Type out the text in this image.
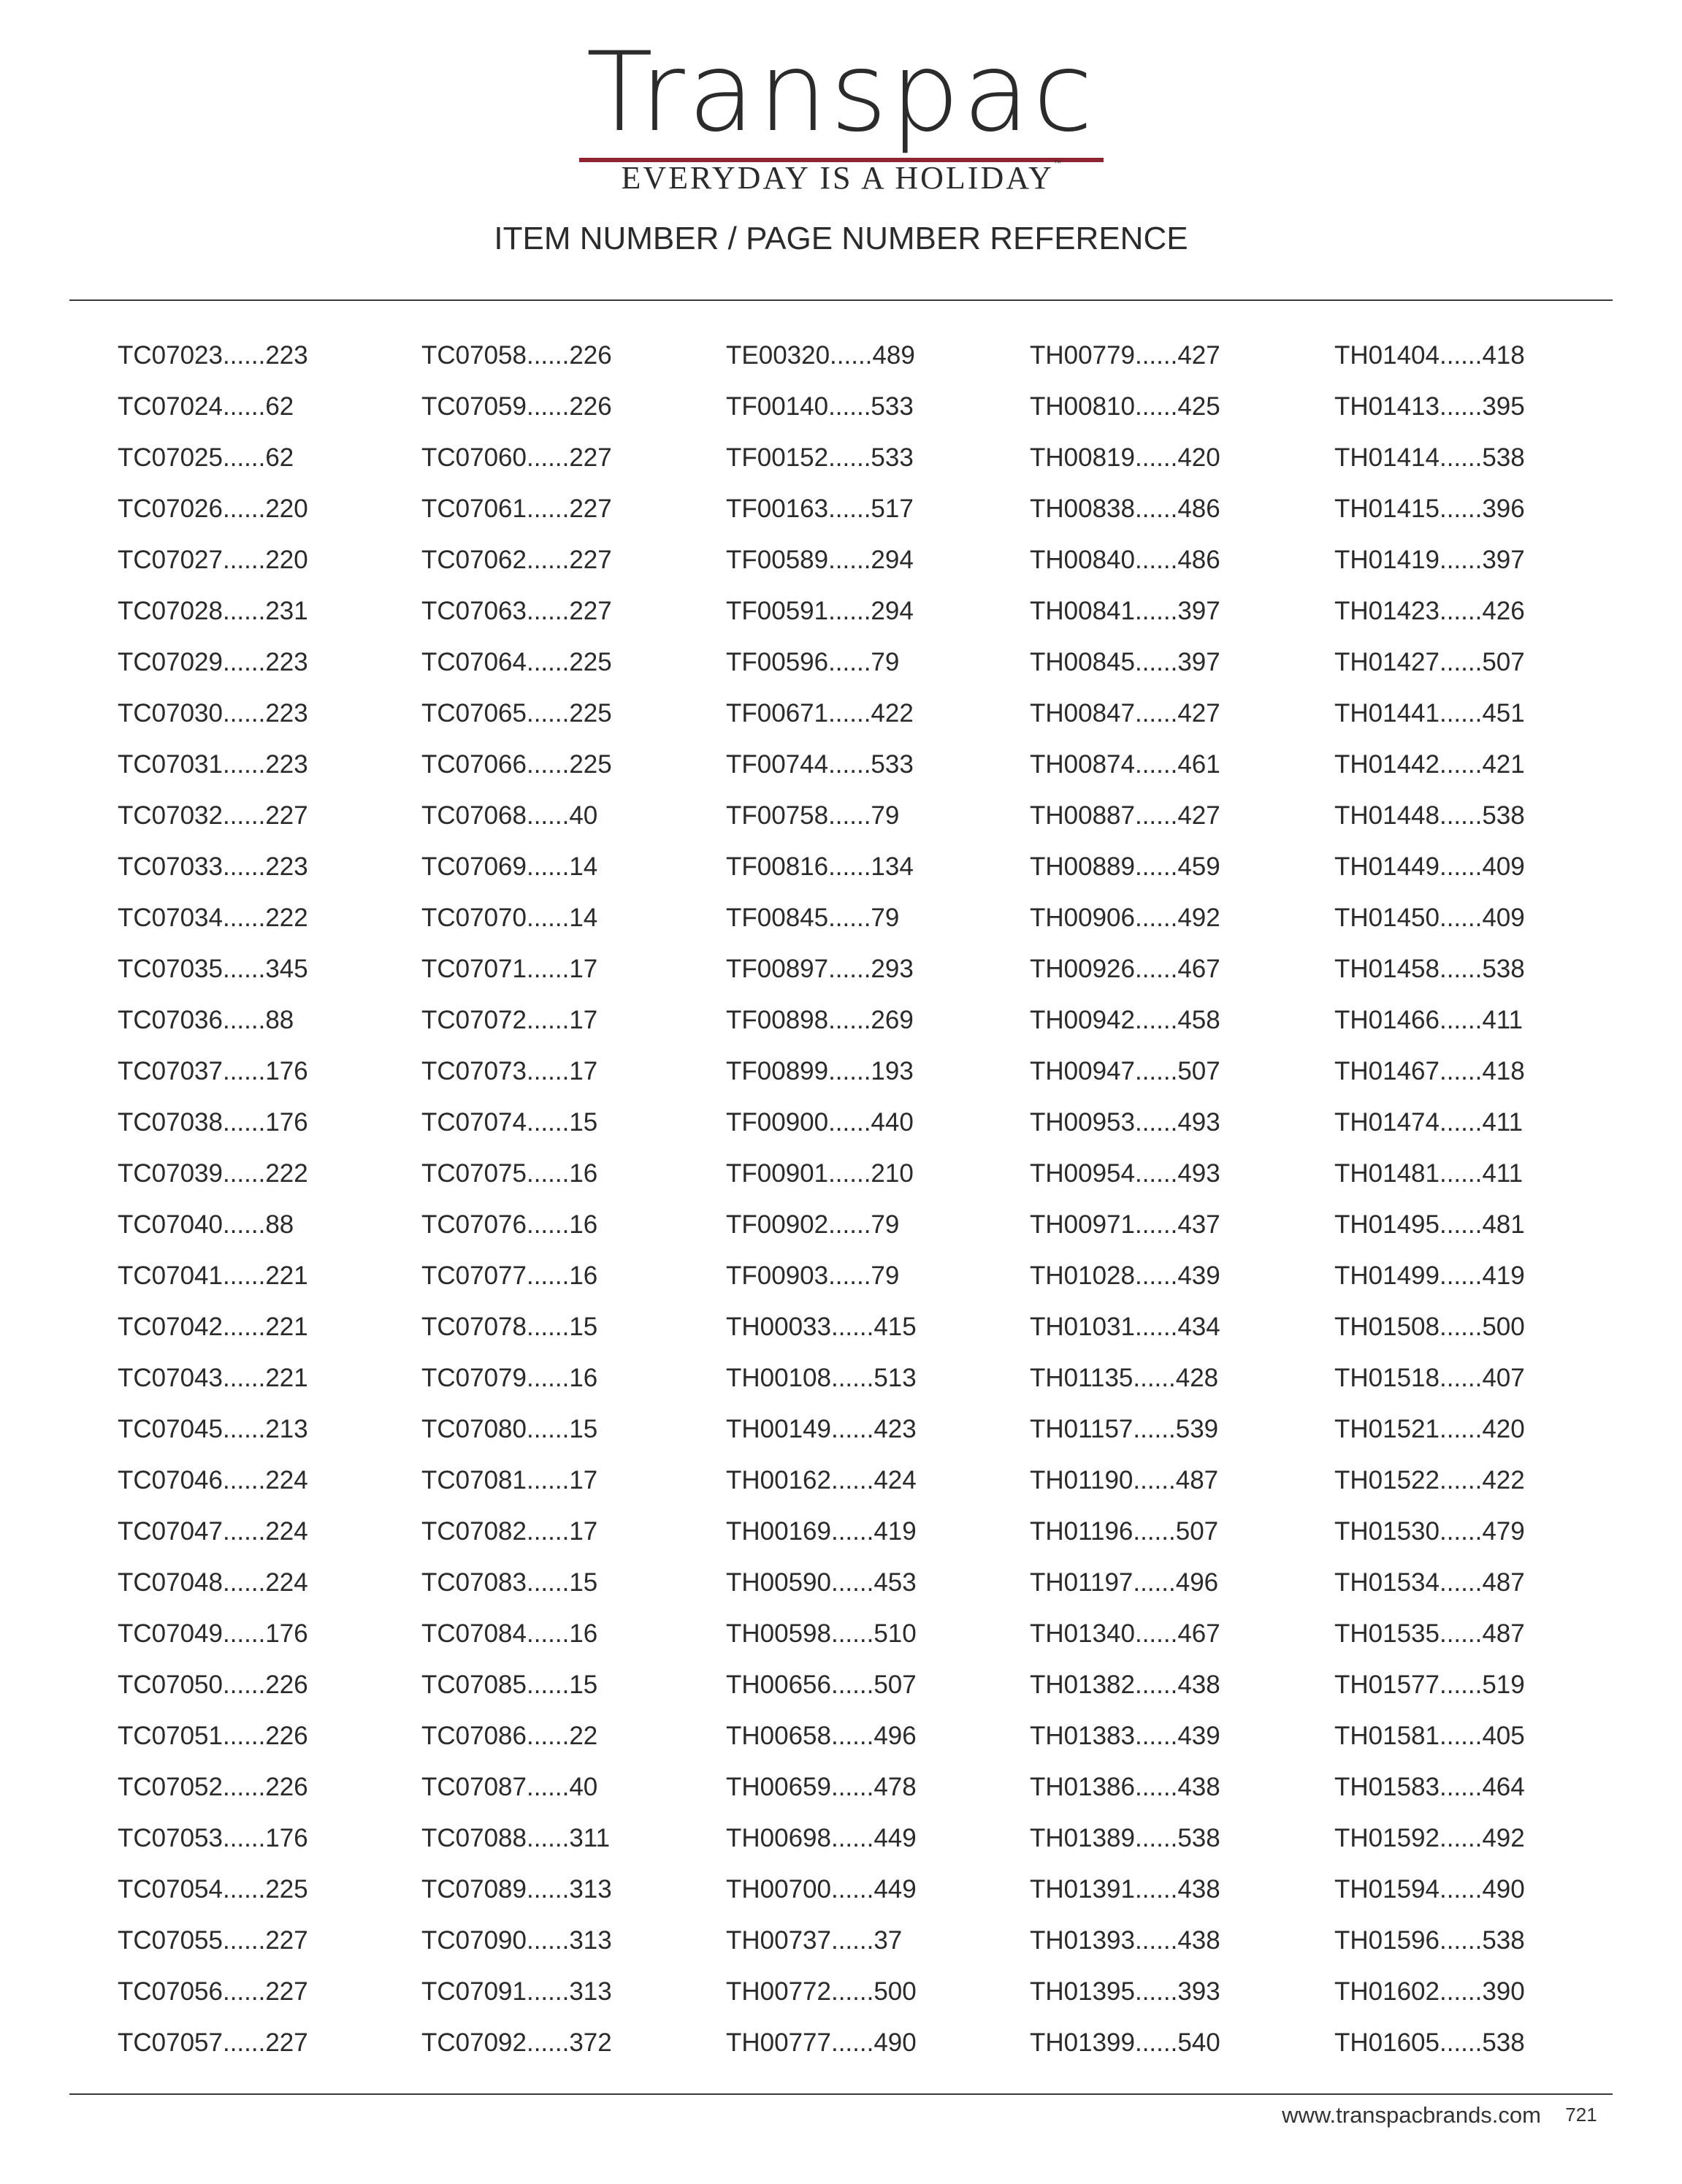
Transpac
EVERYDAY IS A HOLIDAY™
ITEM NUMBER / PAGE NUMBER REFERENCE
TC07023......223
TC07024......62
TC07025......62
TC07026......220
TC07027......220
TC07028......231
TC07029......223
TC07030......223
TC07031......223
TC07032......227
TC07033......223
TC07034......222
TC07035......345
TC07036......88
TC07037......176
TC07038......176
TC07039......222
TC07040......88
TC07041......221
TC07042......221
TC07043......221
TC07045......213
TC07046......224
TC07047......224
TC07048......224
TC07049......176
TC07050......226
TC07051......226
TC07052......226
TC07053......176
TC07054......225
TC07055......227
TC07056......227
TC07057......227
TC07058......226
TC07059......226
TC07060......227
TC07061......227
TC07062......227
TC07063......227
TC07064......225
TC07065......225
TC07066......225
TC07068......40
TC07069......14
TC07070......14
TC07071......17
TC07072......17
TC07073......17
TC07074......15
TC07075......16
TC07076......16
TC07077......16
TC07078......15
TC07079......16
TC07080......15
TC07081......17
TC07082......17
TC07083......15
TC07084......16
TC07085......15
TC07086......22
TC07087......40
TC07088......311
TC07089......313
TC07090......313
TC07091......313
TC07092......372
TE00320......489
TF00140......533
TF00152......533
TF00163......517
TF00589......294
TF00591......294
TF00596......79
TF00671......422
TF00744......533
TF00758......79
TF00816......134
TF00845......79
TF00897......293
TF00898......269
TF00899......193
TF00900......440
TF00901......210
TF00902......79
TF00903......79
TH00033......415
TH00108......513
TH00149......423
TH00162......424
TH00169......419
TH00590......453
TH00598......510
TH00656......507
TH00658......496
TH00659......478
TH00698......449
TH00700......449
TH00737......37
TH00772......500
TH00777......490
TH00779......427
TH00810......425
TH00819......420
TH00838......486
TH00840......486
TH00841......397
TH00845......397
TH00847......427
TH00874......461
TH00887......427
TH00889......459
TH00906......492
TH00926......467
TH00942......458
TH00947......507
TH00953......493
TH00954......493
TH00971......437
TH01028......439
TH01031......434
TH01135......428
TH01157......539
TH01190......487
TH01196......507
TH01197......496
TH01340......467
TH01382......438
TH01383......439
TH01386......438
TH01389......538
TH01391......438
TH01393......438
TH01395......393
TH01399......540
TH01404......418
TH01413......395
TH01414......538
TH01415......396
TH01419......397
TH01423......426
TH01427......507
TH01441......451
TH01442......421
TH01448......538
TH01449......409
TH01450......409
TH01458......538
TH01466......411
TH01467......418
TH01474......411
TH01481......411
TH01495......481
TH01499......419
TH01508......500
TH01518......407
TH01521......420
TH01522......422
TH01530......479
TH01534......487
TH01535......487
TH01577......519
TH01581......405
TH01583......464
TH01592......492
TH01594......490
TH01596......538
TH01602......390
TH01605......538
www.transpacbrands.com	721
